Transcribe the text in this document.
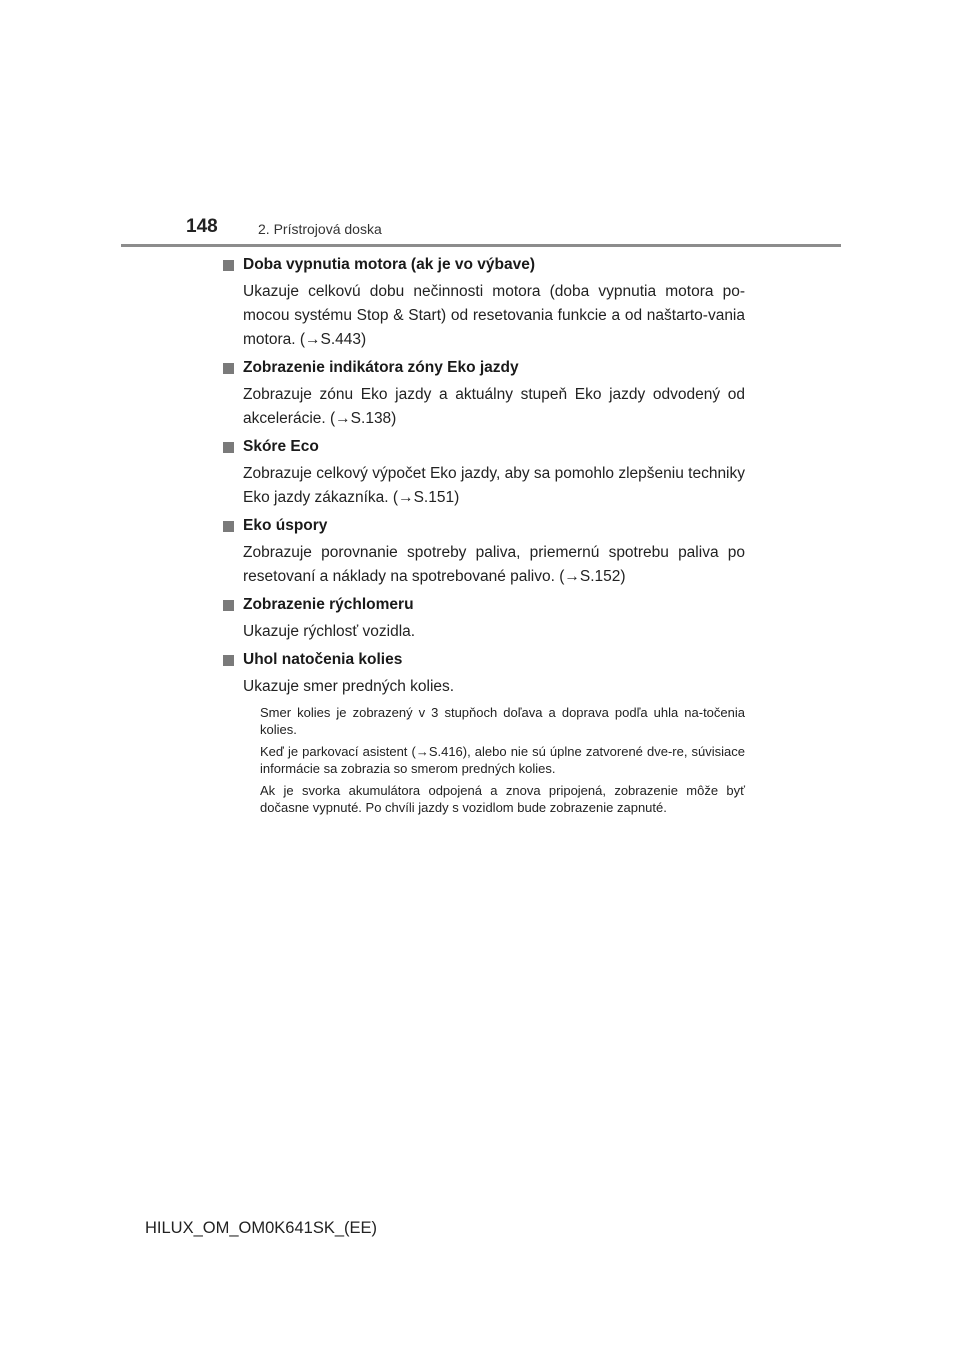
148	2. Prístrojová doska
Doba vypnutia motora (ak je vo výbave)

Ukazuje celkovú dobu nečinnosti motora (doba vypnutia motora po-mocou systému Stop & Start) od resetovania funkcie a od naštarto-vania motora. (→S.443)

Zobrazenie indikátora zóny Eko jazdy

Zobrazuje zónu Eko jazdy a aktuálny stupeň Eko jazdy odvodený od akcelerácie. (→S.138)

Skóre Eco

Zobrazuje celkový výpočet Eko jazdy, aby sa pomohlo zlepšeniu techniky Eko jazdy zákazníka. (→S.151)

Eko úspory

Zobrazuje porovnanie spotreby paliva, priemernú spotrebu paliva po resetovaní a náklady na spotrebované palivo. (→S.152)

Zobrazenie rýchlomeru

Ukazuje rýchlosť vozidla.

Uhol natočenia kolies

Ukazuje smer predných kolies.

Smer kolies je zobrazený v 3 stupňoch doľava a doprava podľa uhla na-točenia kolies.

Keď je parkovací asistent (→S.416), alebo nie sú úplne zatvorené dve-re, súvisiace informácie sa zobrazia so smerom predných kolies.

Ak je svorka akumulátora odpojená a znova pripojená, zobrazenie môže byť dočasne vypnuté. Po chvíli jazdy s vozidlom bude zobrazenie zapnuté.

HILUX_OM_OM0K641SK_(EE)
